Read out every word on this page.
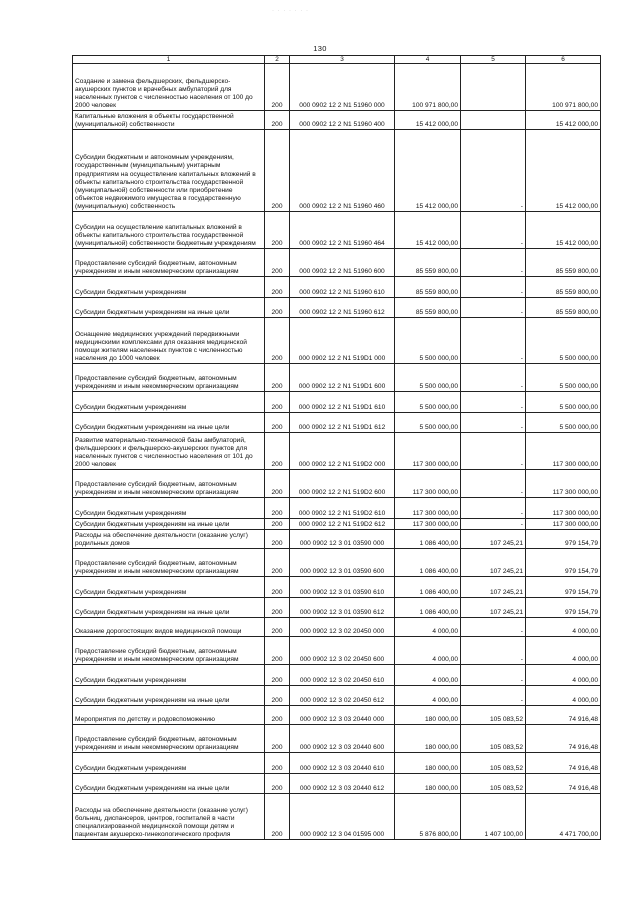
· · · · · · ·
130
1	2	3	4	5	6
Создание и замена фельдшерских, фельдшерско-акушерских пунктов и врачебных амбулаторий для населенных пунктов с численностью населения от 100 до 2000 человек	200	000 0902 12 2 N1 51960 000	100 971 800,00		100 971 800,00
Капитальные вложения в объекты государственной (муниципальной) собственности	200	000 0902 12 2 N1 51960 400	15 412 000,00		15 412 000,00
Субсидии бюджетным и автономным учреждениям, государственным (муниципальным) унитарным предприятиям на осуществление капитальных вложений в объекты капитального строительства государственной (муниципальной) собственности или приобретение объектов недвижимого имущества в государственную (муниципальную) собственность	200	000 0902 12 2 N1 51960 460	15 412 000,00	-	15 412 000,00
Субсидии на осуществление капитальных вложений в объекты капитального строительства государственной (муниципальной) собственности бюджетным учреждениям	200	000 0902 12 2 N1 51960 464	15 412 000,00	-	15 412 000,00
Предоставление субсидий бюджетным, автономным учреждениям и иным некоммерческим организациям	200	000 0902 12 2 N1 51960 600	85 559 800,00	-	85 559 800,00
Субсидии бюджетным учреждениям	200	000 0902 12 2 N1 51960 610	85 559 800,00	-	85 559 800,00
Субсидии бюджетным учреждениям на иные цели	200	000 0902 12 2 N1 51960 612	85 559 800,00	-	85 559 800,00
Оснащение медицинских учреждений передвижными медицинскими комплексами для оказания медицинской помощи жителям населенных пунктов с численностью населения до 1000 человек	200	000 0902 12 2 N1 519D1 000	5 500 000,00	-	5 500 000,00
Предоставление субсидий бюджетным, автономным учреждениям и иным некоммерческим организациям	200	000 0902 12 2 N1 519D1 600	5 500 000,00	-	5 500 000,00
Субсидии бюджетным учреждениям	200	000 0902 12 2 N1 519D1 610	5 500 000,00	-	5 500 000,00
Субсидии бюджетным учреждениям на иные цели	200	000 0902 12 2 N1 519D1 612	5 500 000,00	-	5 500 000,00
Развитие материально-технической базы амбулаторий, фельдшерских и фельдшерско-акушерских пунктов для населенных пунктов с численностью населения от 101 до 2000 человек	200	000 0902 12 2 N1 519D2 000	117 300 000,00	-	117 300 000,00
Предоставление субсидий бюджетным, автономным учреждениям и иным некоммерческим организациям	200	000 0902 12 2 N1 519D2 600	117 300 000,00	-	117 300 000,00
Субсидии бюджетным учреждениям	200	000 0902 12 2 N1 519D2 610	117 300 000,00	-	117 300 000,00
Субсидии бюджетным учреждениям на иные цели	200	000 0902 12 2 N1 519D2 612	117 300 000,00	-	117 300 000,00
Расходы на обеспечение деятельности (оказание услуг) родильных домов	200	000 0902 12 3 01 03590 000	1 086 400,00	107 245,21	979 154,79
Предоставление субсидий бюджетным, автономным учреждениям и иным некоммерческим организациям	200	000 0902 12 3 01 03590 600	1 086 400,00	107 245,21	979 154,79
Субсидии бюджетным учреждениям	200	000 0902 12 3 01 03590 610	1 086 400,00	107 245,21	979 154,79
Субсидии бюджетным учреждениям на иные цели	200	000 0902 12 3 01 03590 612	1 086 400,00	107 245,21	979 154,79
Оказание дорогостоящих видов медицинской помощи	200	000 0902 12 3 02 20450 000	4 000,00	-	4 000,00
Предоставление субсидий бюджетным, автономным учреждениям и иным некоммерческим организациям	200	000 0902 12 3 02 20450 600	4 000,00	-	4 000,00
Субсидии бюджетным учреждениям	200	000 0902 12 3 02 20450 610	4 000,00	-	4 000,00
Субсидии бюджетным учреждениям на иные цели	200	000 0902 12 3 02 20450 612	4 000,00	-	4 000,00
Мероприятия по детству и родовспоможению	200	000 0902 12 3 03 20440 000	180 000,00	105 083,52	74 916,48
Предоставление субсидий бюджетным, автономным учреждениям и иным некоммерческим организациям	200	000 0902 12 3 03 20440 600	180 000,00	105 083,52	74 916,48
Субсидии бюджетным учреждениям	200	000 0902 12 3 03 20440 610	180 000,00	105 083,52	74 916,48
Субсидии бюджетным учреждениям на иные цели	200	000 0902 12 3 03 20440 612	180 000,00	105 083,52	74 916,48
Расходы на обеспечение деятельности (оказание услуг) больниц, диспансеров, центров, госпиталей в части специализированной медицинской помощи детям и пациентам акушерско-гинекологического профиля	200	000 0902 12 3 04 01595 000	5 876 800,00	1 407 100,00	4 471 700,00
